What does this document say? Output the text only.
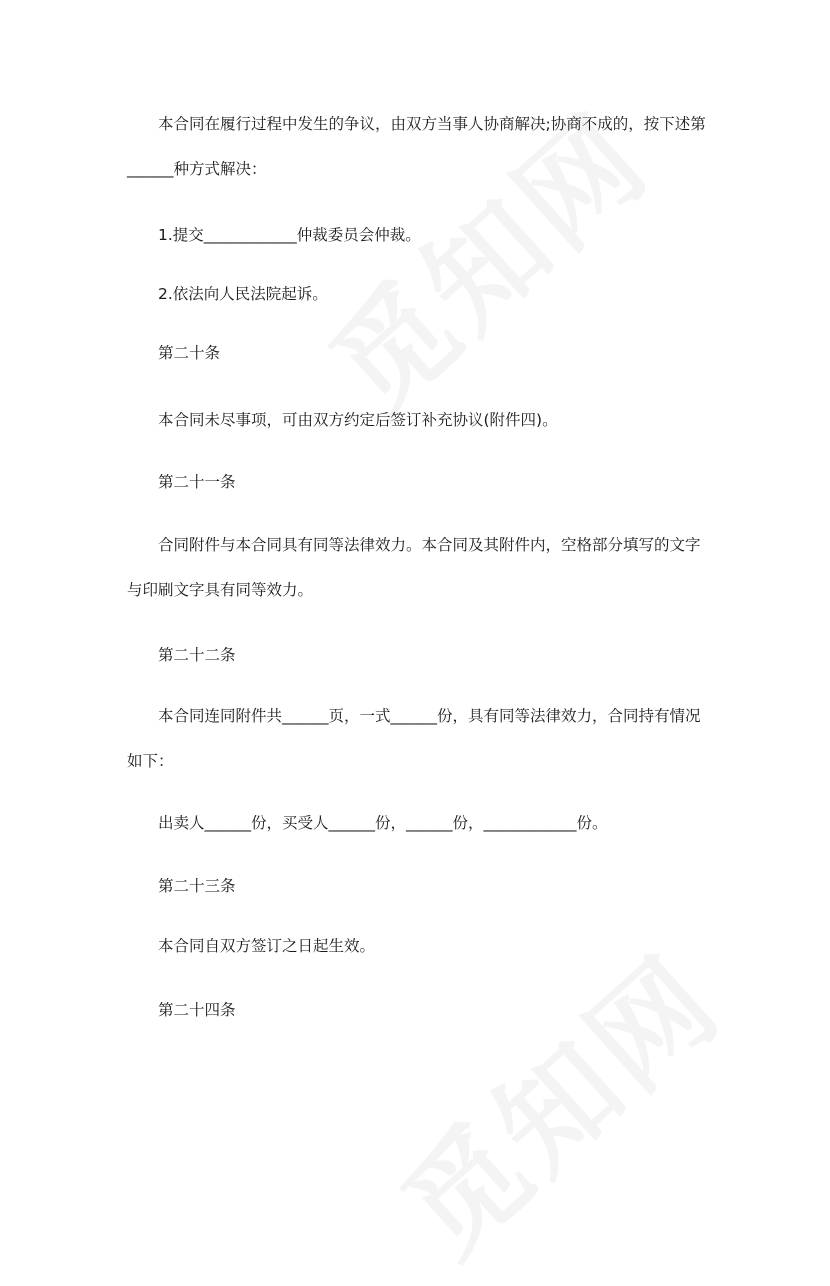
本合同在履行过程中发生的争议，由双方当事人协商解决;协商不成的，按下述第______种方式解决：

1.提交____________仲裁委员会仲裁。

2.依法向人民法院起诉。

第二十条

本合同未尽事项，可由双方约定后签订补充协议(附件四)。

第二十一条

合同附件与本合同具有同等法律效力。本合同及其附件内，空格部分填写的文字与印刷文字具有同等效力。

第二十二条

本合同连同附件共______页，一式______份，具有同等法律效力，合同持有情况如下：

出卖人______份，买受人______份，______份，____________份。

第二十三条

本合同自双方签订之日起生效。

第二十四条
